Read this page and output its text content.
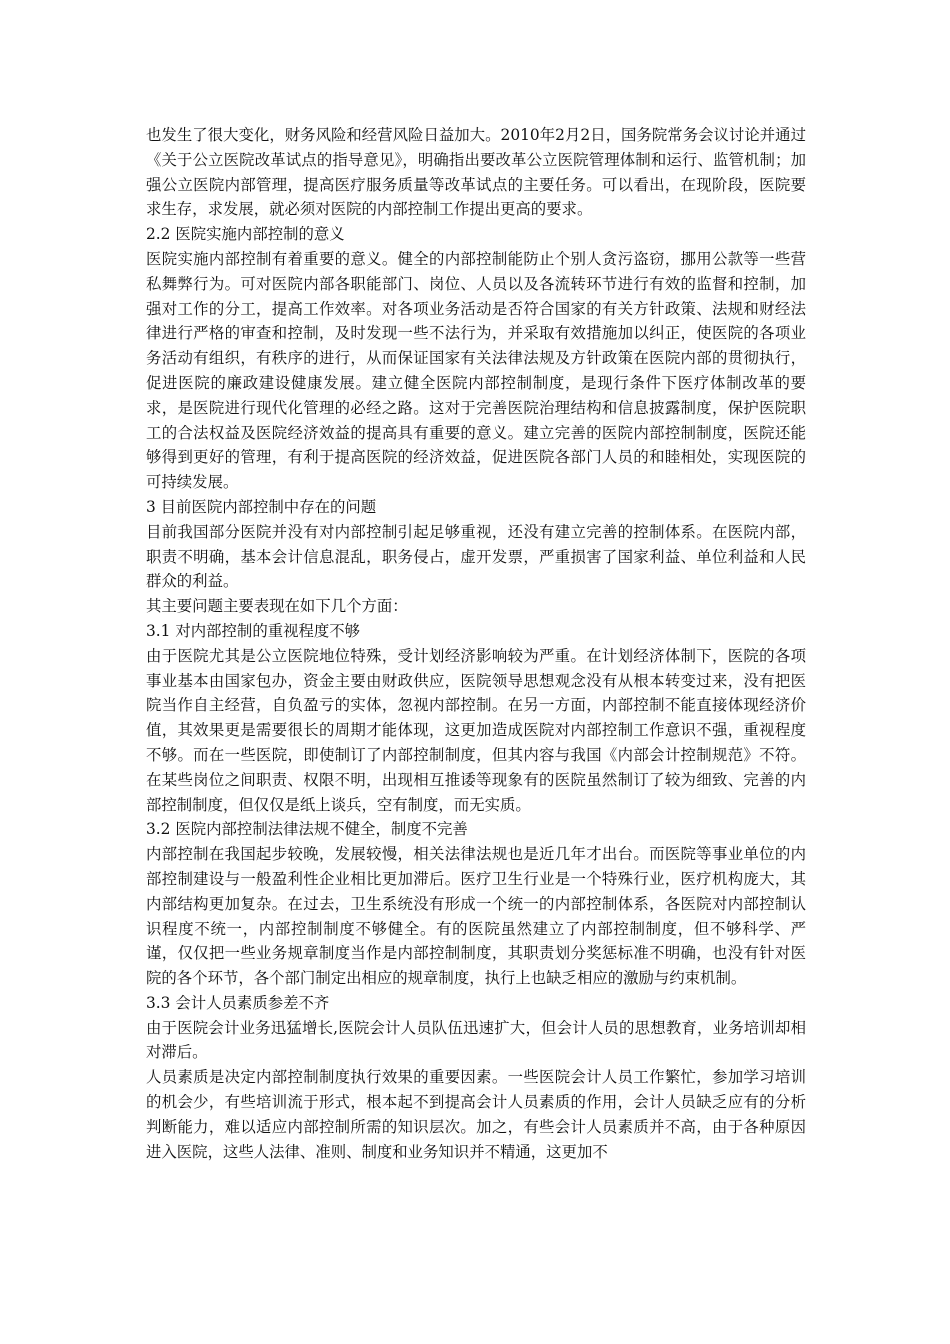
也发生了很大变化，财务风险和经营风险日益加大。2010年2月2日，国务院常务会议讨论并通过《关于公立医院改革试点的指导意见》，明确指出要改革公立医院管理体制和运行、监管机制；加强公立医院内部管理，提高医疗服务质量等改革试点的主要任务。可以看出，在现阶段，医院要求生存，求发展，就必须对医院的内部控制工作提出更高的要求。

2.2 医院实施内部控制的意义

医院实施内部控制有着重要的意义。健全的内部控制能防止个别人贪污盗窃，挪用公款等一些营私舞弊行为。可对医院内部各职能部门、岗位、人员以及各流转环节进行有效的监督和控制，加强对工作的分工，提高工作效率。对各项业务活动是否符合国家的有关方针政策、法规和财经法律进行严格的审查和控制，及时发现一些不法行为，并采取有效措施加以纠正，使医院的各项业务活动有组织，有秩序的进行，从而保证国家有关法律法规及方针政策在医院内部的贯彻执行，促进医院的廉政建设健康发展。建立健全医院内部控制制度，是现行条件下医疗体制改革的要求，是医院进行现代化管理的必经之路。这对于完善医院治理结构和信息披露制度，保护医院职工的合法权益及医院经济效益的提高具有重要的意义。建立完善的医院内部控制制度，医院还能够得到更好的管理，有利于提高医院的经济效益，促进医院各部门人员的和睦相处，实现医院的可持续发展。

3 目前医院内部控制中存在的问题

目前我国部分医院并没有对内部控制引起足够重视，还没有建立完善的控制体系。在医院内部，职责不明确，基本会计信息混乱，职务侵占，虚开发票，严重损害了国家利益、单位利益和人民群众的利益。

其主要问题主要表现在如下几个方面：

3.1 对内部控制的重视程度不够

由于医院尤其是公立医院地位特殊，受计划经济影响较为严重。在计划经济体制下，医院的各项事业基本由国家包办，资金主要由财政供应，医院领导思想观念没有从根本转变过来，没有把医院当作自主经营，自负盈亏的实体，忽视内部控制。在另一方面，内部控制不能直接体现经济价值，其效果更是需要很长的周期才能体现，这更加造成医院对内部控制工作意识不强，重视程度不够。而在一些医院，即使制订了内部控制制度，但其内容与我国《内部会计控制规范》不符。在某些岗位之间职责、权限不明，出现相互推诿等现象有的医院虽然制订了较为细致、完善的内部控制制度，但仅仅是纸上谈兵，空有制度，而无实质。

3.2 医院内部控制法律法规不健全，制度不完善

内部控制在我国起步较晚，发展较慢，相关法律法规也是近几年才出台。而医院等事业单位的内部控制建设与一般盈利性企业相比更加滞后。医疗卫生行业是一个特殊行业，医疗机构庞大，其内部结构更加复杂。在过去，卫生系统没有形成一个统一的内部控制体系，各医院对内部控制认识程度不统一，内部控制制度不够健全。有的医院虽然建立了内部控制制度，但不够科学、严谨，仅仅把一些业务规章制度当作是内部控制制度，其职责划分奖惩标准不明确，也没有针对医院的各个环节，各个部门制定出相应的规章制度，执行上也缺乏相应的激励与约束机制。

3.3 会计人员素质参差不齐

由于医院会计业务迅猛增长,医院会计人员队伍迅速扩大，但会计人员的思想教育，业务培训却相对滞后。

人员素质是决定内部控制制度执行效果的重要因素。一些医院会计人员工作繁忙，参加学习培训的机会少，有些培训流于形式，根本起不到提高会计人员素质的作用，会计人员缺乏应有的分析判断能力，难以适应内部控制所需的知识层次。加之，有些会计人员素质并不高，由于各种原因进入医院，这些人法律、准则、制度和业务知识并不精通，这更加不
